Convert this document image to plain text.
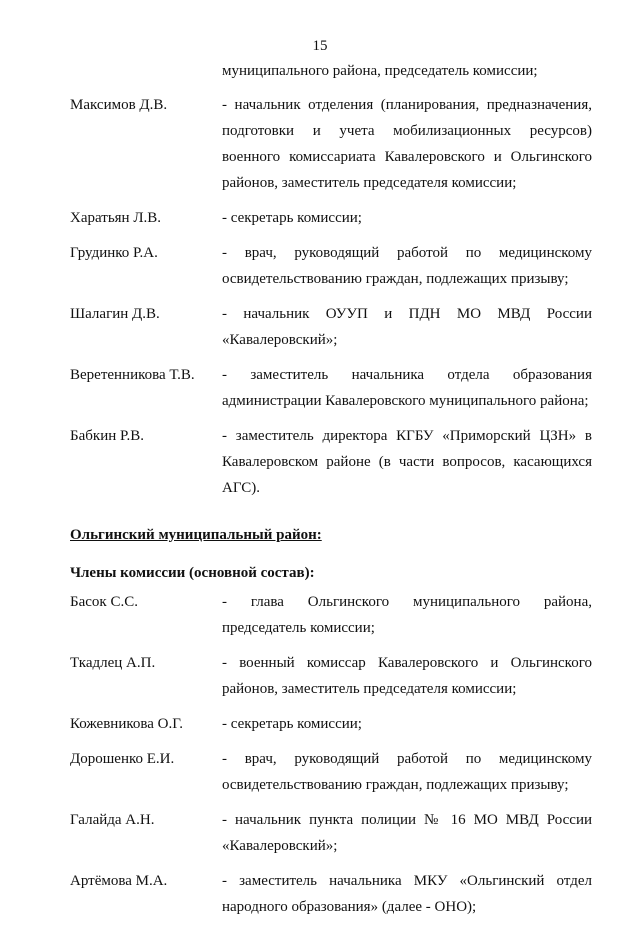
15
муниципального района, председатель комиссии;
Максимов Д.В.	- начальник отделения (планирования, предназначения, подготовки и учета мобилизационных ресурсов) военного комиссариата Кавалеровского и Ольгинского районов, заместитель председателя комиссии;
Харатьян Л.В.	- секретарь комиссии;
Грудинко Р.А.	- врач, руководящий работой по медицинскому освидетельствованию граждан, подлежащих призыву;
Шалагин Д.В.	- начальник ОУУП и ПДН МО МВД России «Кавалеровский»;
Веретенникова Т.В.	- заместитель начальника отдела образования администрации Кавалеровского муниципального района;
Бабкин Р.В.	- заместитель директора КГБУ «Приморский ЦЗН» в Кавалеровском районе (в части вопросов, касающихся АГС).
Ольгинский муниципальный район:
Члены комиссии (основной состав):
Басок С.С.	- глава Ольгинского муниципального района, председатель комиссии;
Ткадлец А.П.	- военный комиссар Кавалеровского и Ольгинского районов, заместитель председателя комиссии;
Кожевникова О.Г.	- секретарь комиссии;
Дорошенко Е.И.	- врач, руководящий работой по медицинскому освидетельствованию граждан, подлежащих призыву;
Галайда А.Н.	- начальник пункта полиции № 16 МО МВД России «Кавалеровский»;
Артёмова М.А.	- заместитель начальника МКУ «Ольгинский отдел народного образования» (далее - ОНО);
